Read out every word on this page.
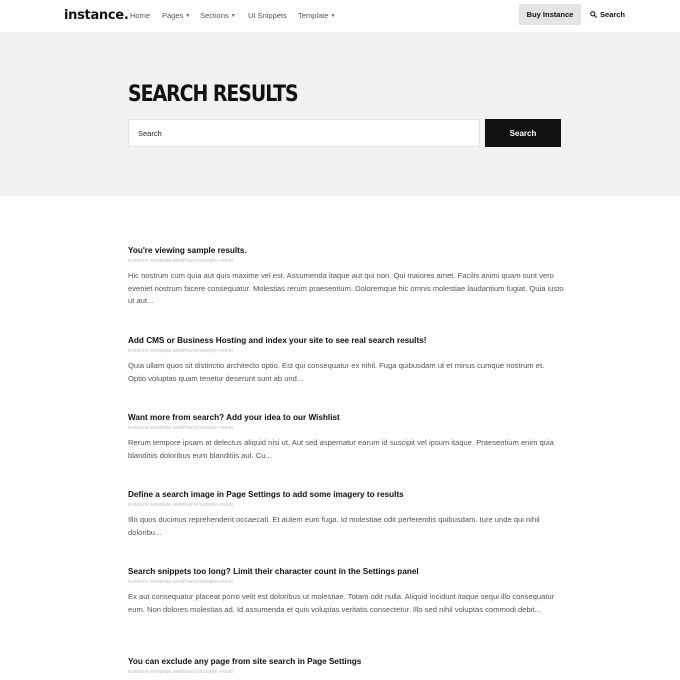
instance. Home Pages ▼ Sections ▼ UI Snippets Template ▼	Buy Instance	Search
SEARCH RESULTS
Search
Search
You're viewing sample results.
instance-template.webflow.io/sample-result
Hic nostrum cum quia aut quis maxime vel est. Assumenda itaque aut qui non. Qui maiores amet. Facilis animi quam sunt vero eveniet nostrum facere consequatur. Molestias rerum praesentium. Doloremque hic omnis molestiae laudantium fugiat. Quia iusto ut aut...
Add CMS or Business Hosting and index your site to see real search results!
instance-template.webflow.io/sample-result
Quia ullam quos sit distinctio architecto optio. Est qui consequatur ex nihil. Fuga quibusdam ut et minus cumque nostrum et. Optio voluptas quam tenetur deserunt sunt ab und...
Want more from search? Add your idea to our Wishlist
instance-template.webflow.io/sample-result
Rerum tempore ipsam at delectus aliquid nisi ut. Aut sed aspernatur earum id suscipit vel ipsum itaque. Praesentium enim quia blanditiis doloribus eum blanditiis aut. Cu...
Define a search image in Page Settings to add some imagery to results
instance-template.webflow.io/sample-result
Illo quos ducimus reprehenderit occaecati. Et autem eum fuga. Id molestiae odit perferendis quibusdam. Iure unde qui nihil doloribu...
Search snippets too long? Limit their character count in the Settings panel
instance-template.webflow.io/sample-result
Ex aut consequatur placeat porro velit est doloribus ut molestiae. Totam odit nulla. Aliquid incidunt itaque sequi illo consequatur eum. Non dolores molestias ad. Id assumenda et quis voluptas veritatis consectetur. Illo sed nihil voluptas commodi debit...
You can exclude any page from site search in Page Settings
instance-template.webflow.io/sample-result
